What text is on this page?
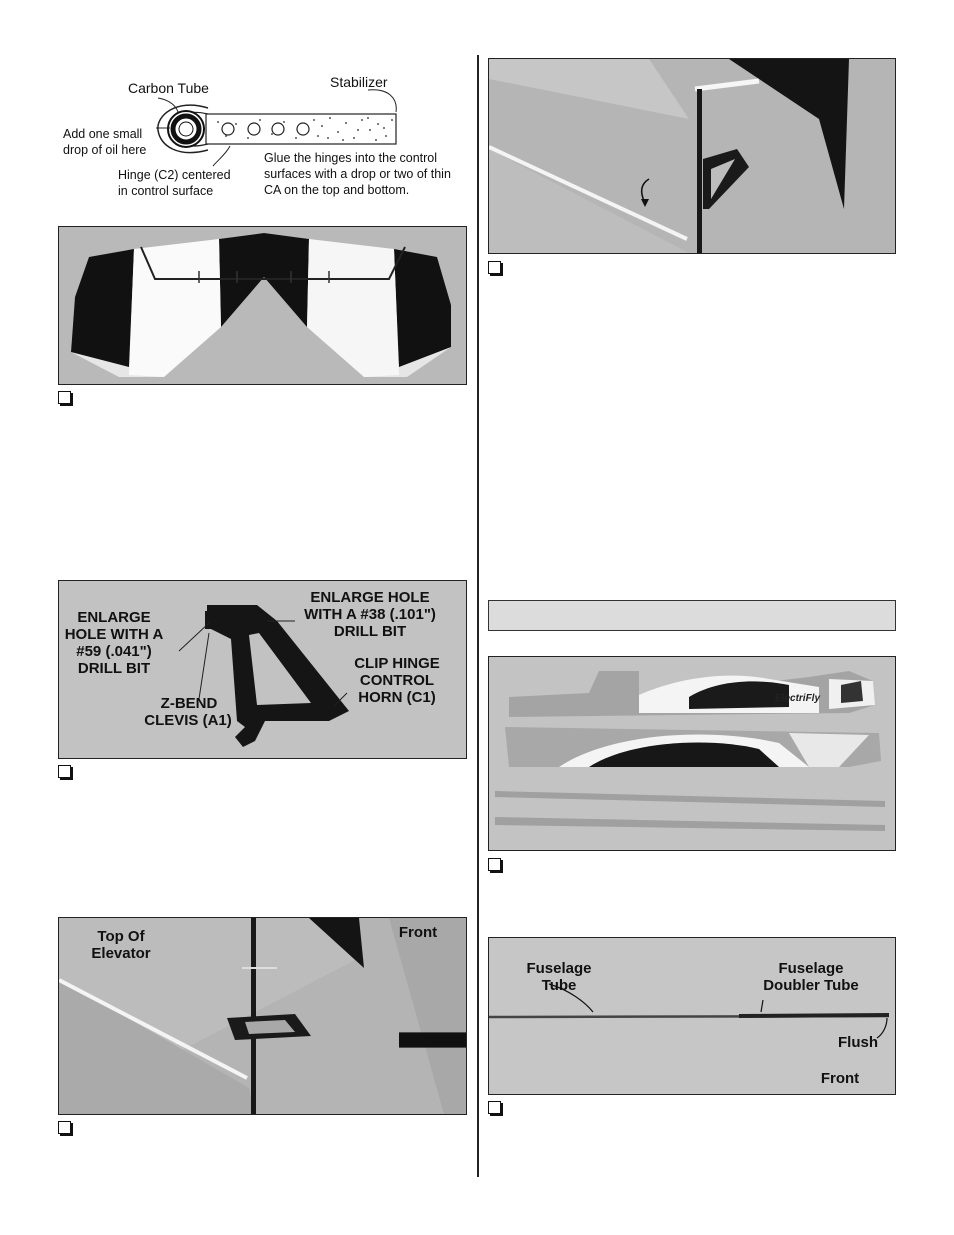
Carbon Tube	Stabilizer
Add one small
drop of oil here
Hinge (C2) centered
in control surface
Glue the hinges into the control
surfaces with a drop or two of thin
CA on the top and bottom.
ENLARGE
HOLE WITH A
#59 (.041")
DRILL BIT
ENLARGE HOLE
WITH A #38 (.101")
DRILL BIT
Z-BEND
CLEVIS (A1)
CLIP HINGE
CONTROL
HORN (C1)
Top Of
Elevator
Front
ElectriFly
Fuselage
Tube
Fuselage
Doubler Tube
Flush
Front
